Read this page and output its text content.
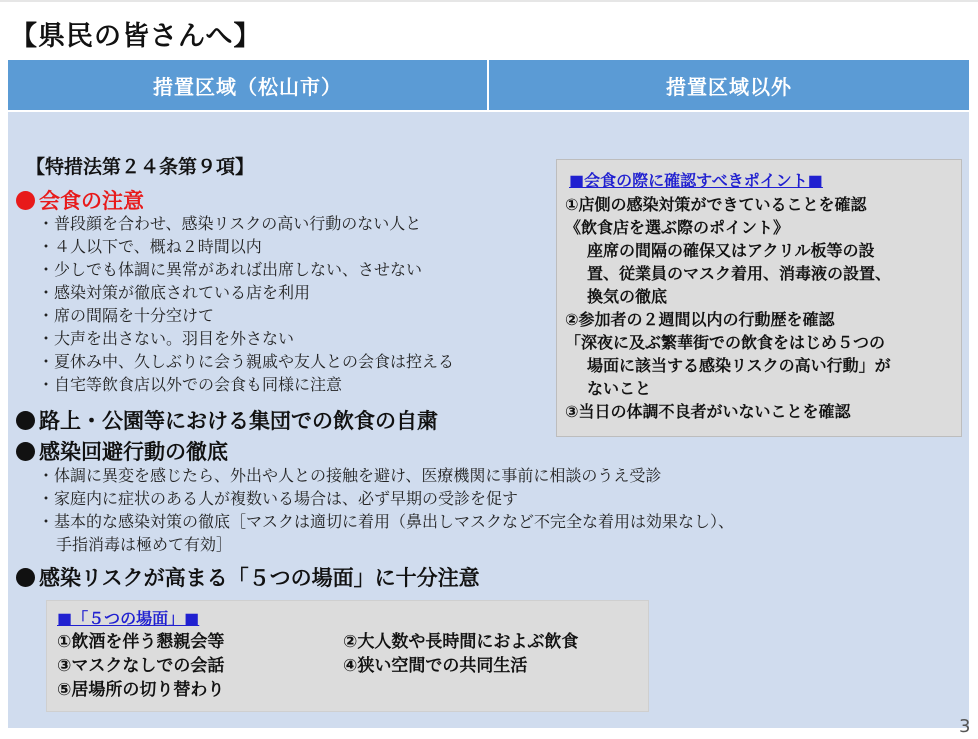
【県民の皆さんへ】
措置区域（松山市）	措置区域以外
【特措法第２４条第９項】
会食の注意
・ 普段顔を合わせ、感染リスクの高い行動のない人と
・ ４人以下で、概ね２時間以内
・ 少しでも体調に異常があれば出席しない、させない
・ 感染対策が徹底されている店を利用
・ 席の間隔を十分空けて
・ 大声を出さない。羽目を外さない
・ 夏休み中、久しぶりに会う親戚や友人との会食は控える
・ 自宅等飲食店以外での会食も同様に注意
路上・公園等における集団での飲食の自粛
感染回避行動の徹底
・ 体調に異変を感じたら、外出や人との接触を避け、医療機関に事前に相談のうえ受診
・ 家庭内に症状のある人が複数いる場合は、必ず早期の受診を促す
・ 基本的な感染対策の徹底［マスクは適切に着用（鼻出しマスクなど不完全な着用は効果なし）、
手指消毒は極めて有効］
感染リスクが高まる「５つの場面」に十分注意
■会食の際に確認すべきポイント■
①店側の感染対策ができていることを確認
《飲食店を選ぶ際のポイント》
座席の間隔の確保又はアクリル板等の設
置、従業員のマスク着用、消毒液の設置、
換気の徹底
②参加者の２週間以内の行動歴を確認
「深夜に及ぶ繁華街での飲食をはじめ５つの
場面に該当する感染リスクの高い行動」が
ないこと
③当日の体調不良者がいないことを確認
■「５つの場面」■
①飲酒を伴う懇親会等	②大人数や長時間におよぶ飲食
③マスクなしでの会話	④狭い空間での共同生活
⑤居場所の切り替わり
3
